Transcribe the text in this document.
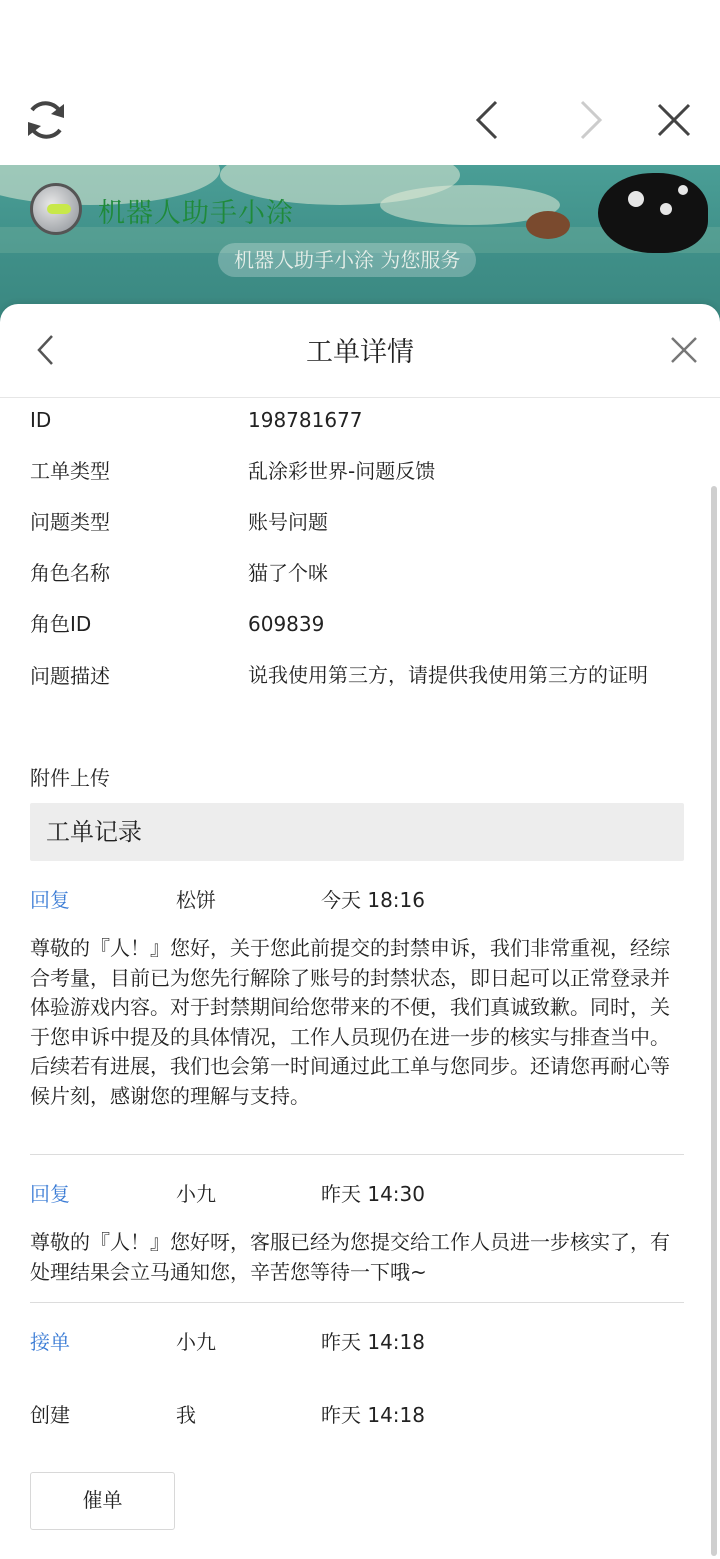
机器人助手小涂
机器人助手小涂 为您服务
工单详情
ID	198781677
工单类型	乱涂彩世界-问题反馈
问题类型	账号问题
角色名称	猫了个咪
角色ID	609839
问题描述	说我使用第三方，请提供我使用第三方的证明
附件上传
工单记录
回复	松饼	今天 18:16
尊敬的『人！』您好，关于您此前提交的封禁申诉，我们非常重视，经综合考量，目前已为您先行解除了账号的封禁状态，即日起可以正常登录并体验游戏内容。对于封禁期间给您带来的不便，我们真诚致歉。同时，关于您申诉中提及的具体情况，工作人员现仍在进一步的核实与排查当中。后续若有进展，我们也会第一时间通过此工单与您同步。还请您再耐心等候片刻，感谢您的理解与支持。
回复	小九	昨天 14:30
尊敬的『人！』您好呀，客服已经为您提交给工作人员进一步核实了，有处理结果会立马通知您，辛苦您等待一下哦~
接单	小九	昨天 14:18
创建	我	昨天 14:18
催单
